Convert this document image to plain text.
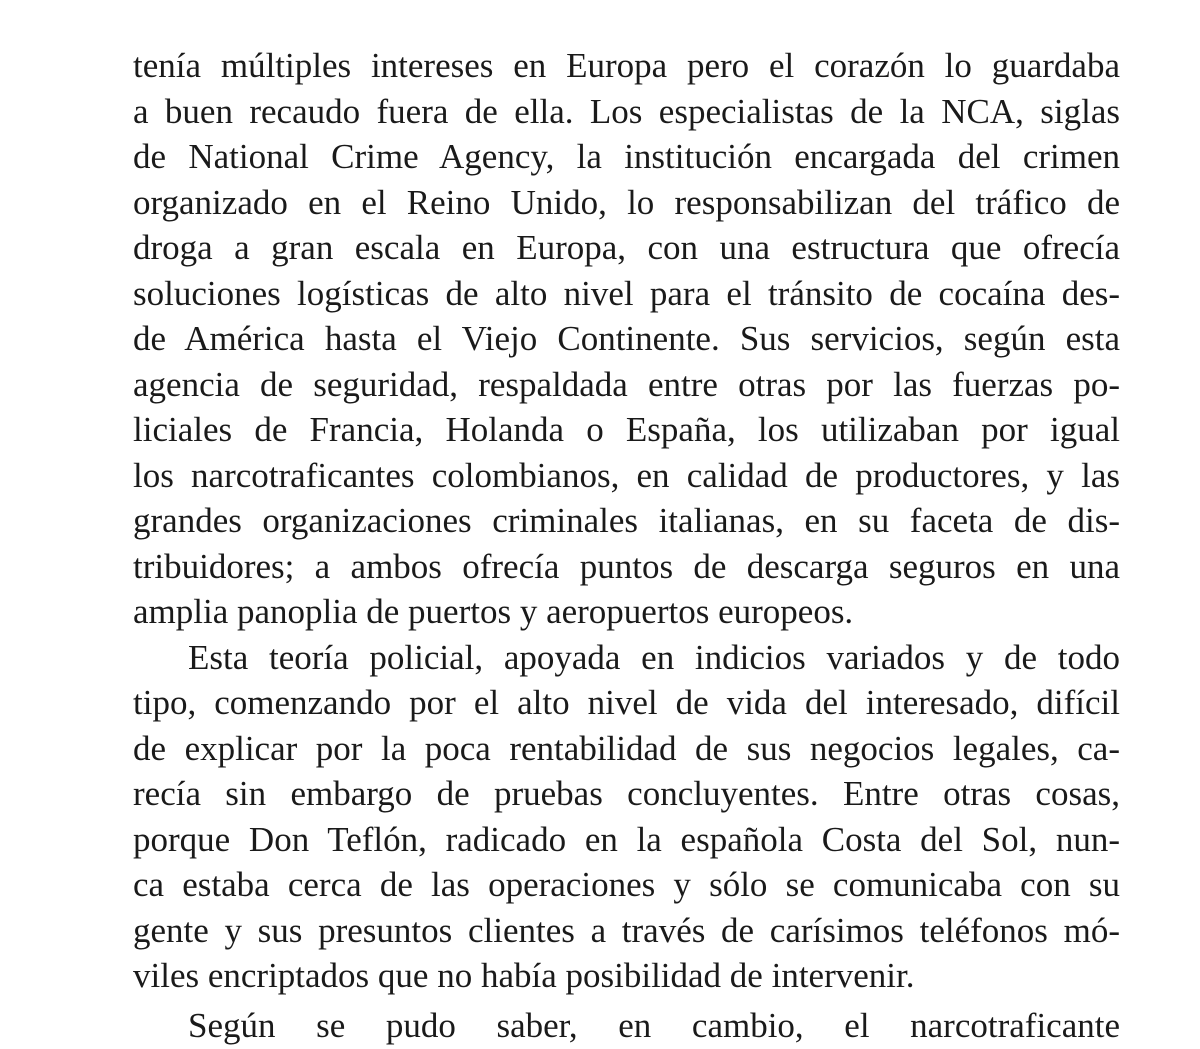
tenía múltiples intereses en Europa pero el corazón lo guardaba
a buen recaudo fuera de ella. Los especialistas de la NCA, siglas
de National Crime Agency, la institución encargada del crimen
organizado en el Reino Unido, lo responsabilizan del tráfico de
droga a gran escala en Europa, con una estructura que ofrecía
soluciones logísticas de alto nivel para el tránsito de cocaína des-
de América hasta el Viejo Continente. Sus servicios, según esta
agencia de seguridad, respaldada entre otras por las fuerzas po-
liciales de Francia, Holanda o España, los utilizaban por igual
los narcotraficantes colombianos, en calidad de productores, y las
grandes organizaciones criminales italianas, en su faceta de dis-
tribuidores; a ambos ofrecía puntos de descarga seguros en una
amplia panoplia de puertos y aeropuertos europeos.
Esta teoría policial, apoyada en indicios variados y de todo
tipo, comenzando por el alto nivel de vida del interesado, difícil
de explicar por la poca rentabilidad de sus negocios legales, ca-
recía sin embargo de pruebas concluyentes. Entre otras cosas,
porque Don Teflón, radicado en la española Costa del Sol, nun-
ca estaba cerca de las operaciones y sólo se comunicaba con su
gente y sus presuntos clientes a través de carísimos teléfonos mó-
viles encriptados que no había posibilidad de intervenir.
Según se pudo saber, en cambio, el narcotraficante
